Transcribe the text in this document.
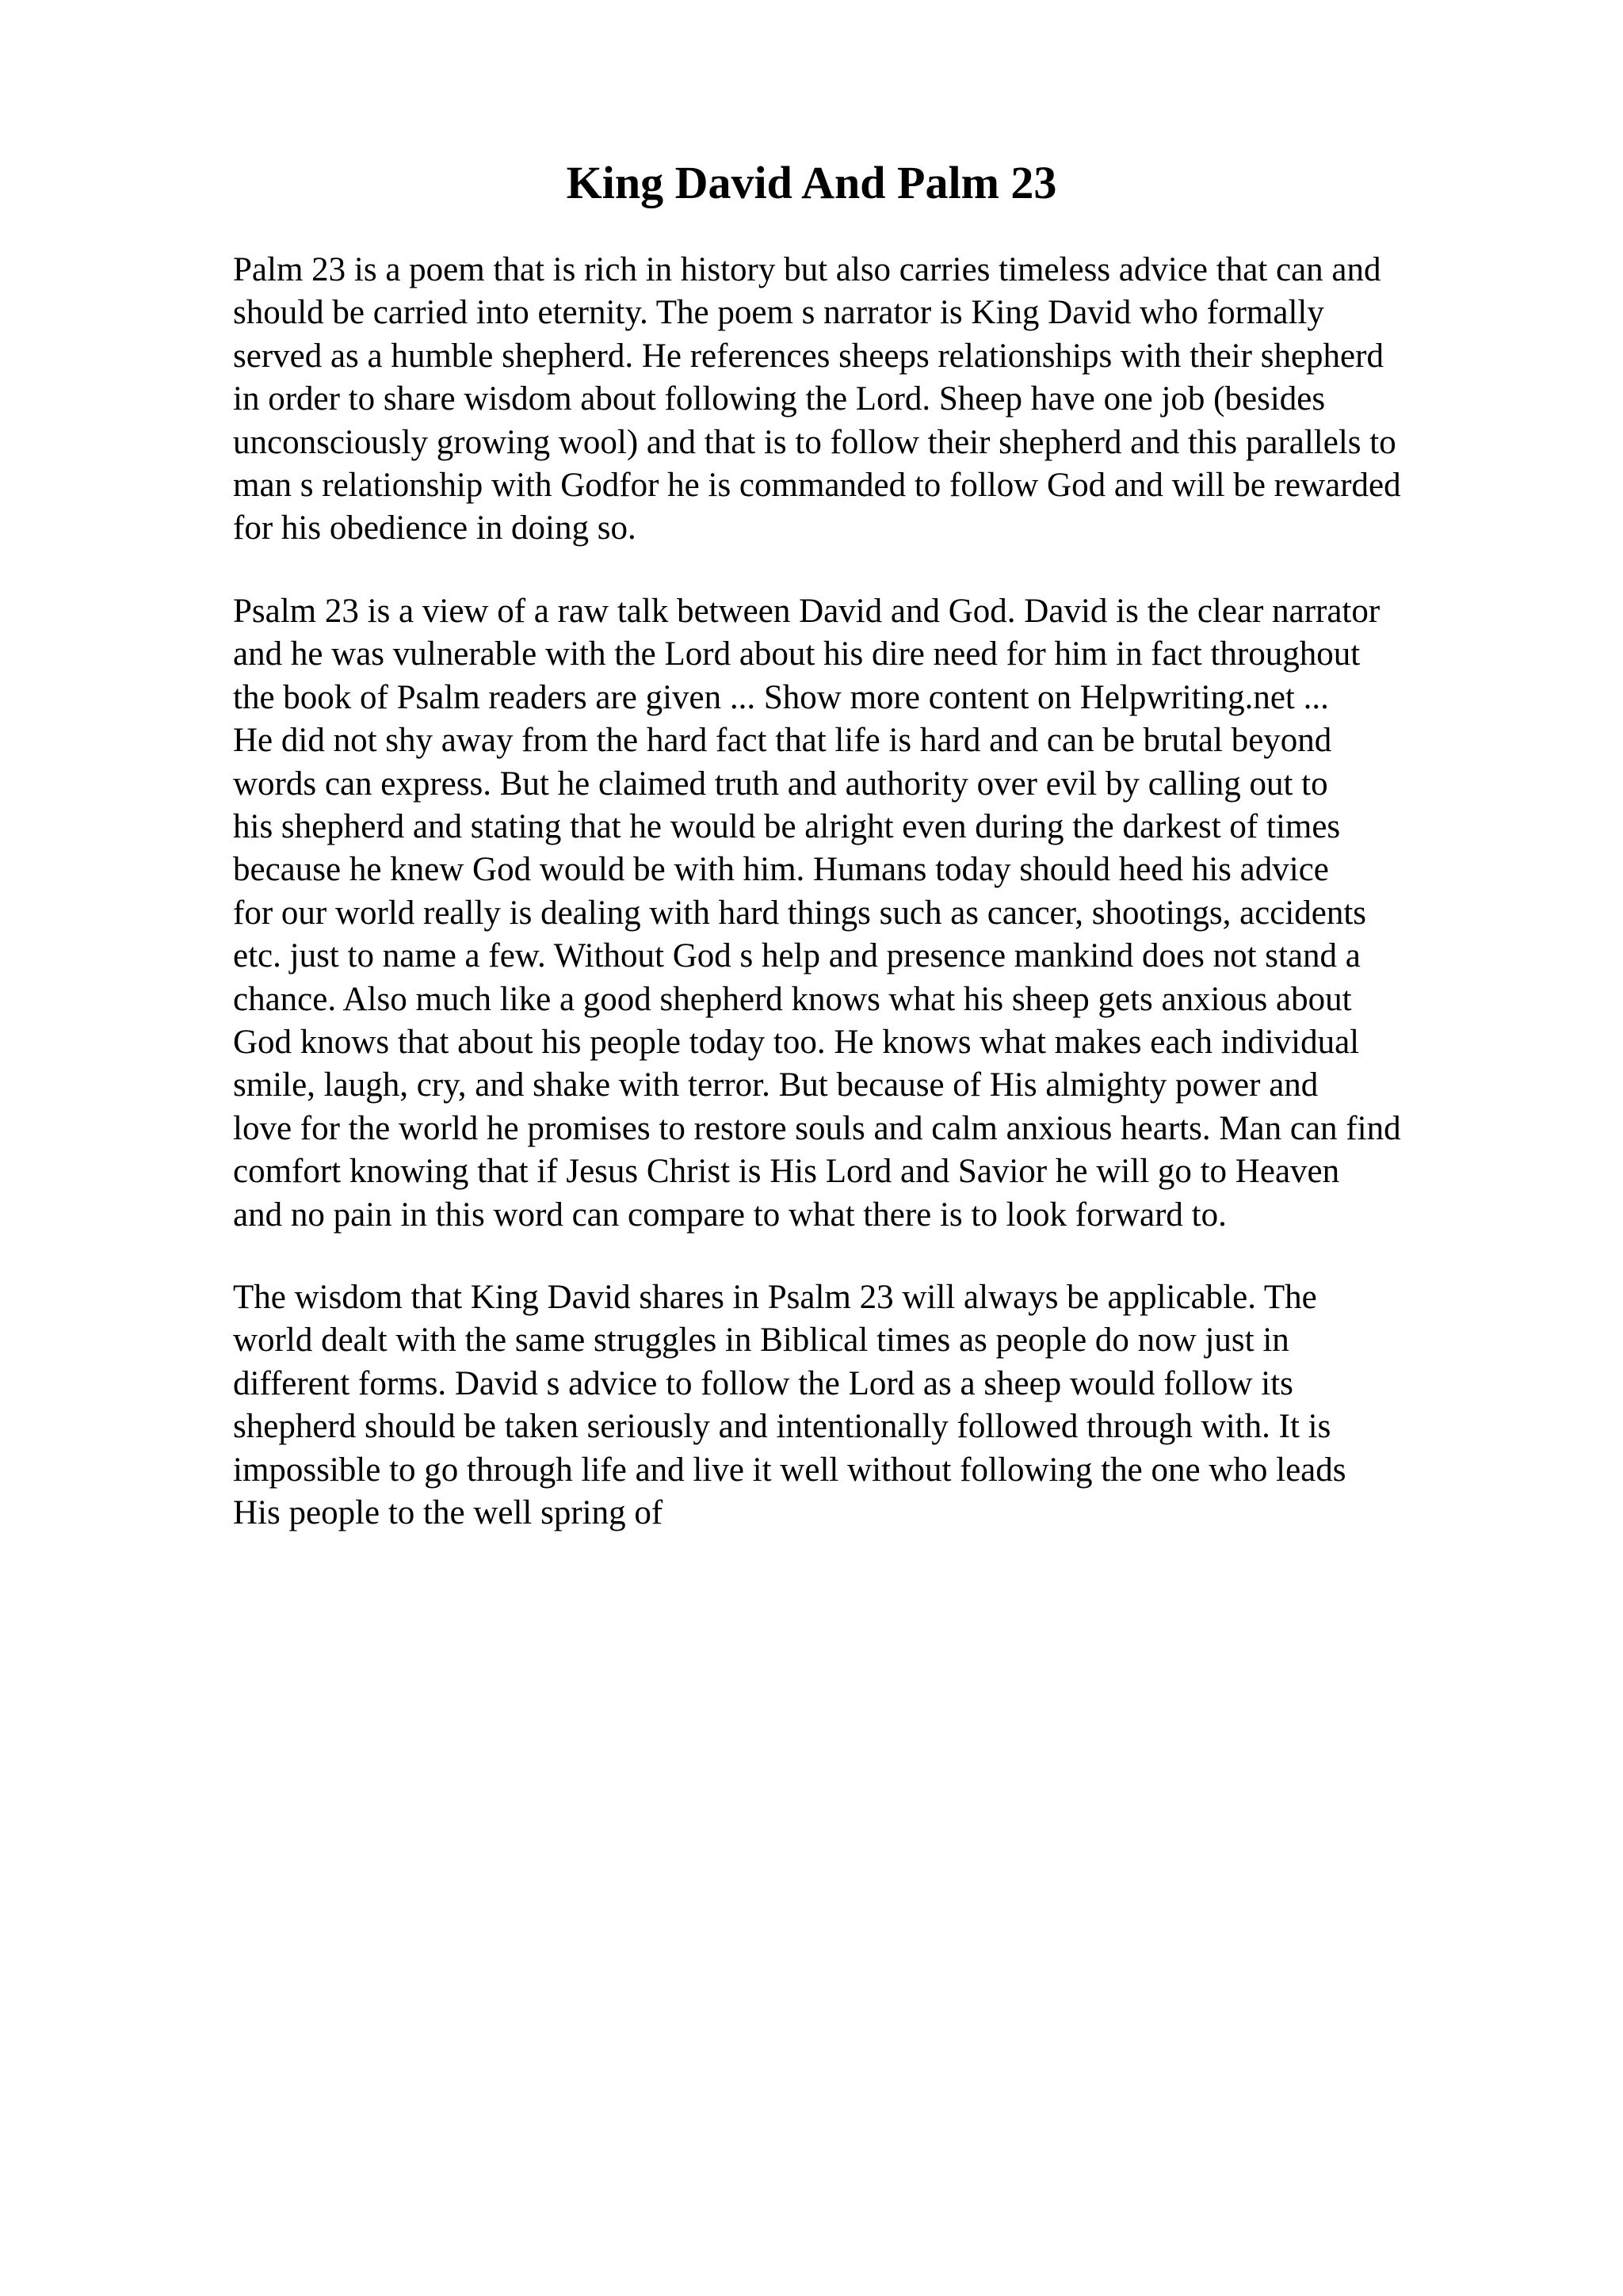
King David And Palm 23
Palm 23 is a poem that is rich in history but also carries timeless advice that can and
should be carried into eternity. The poem s narrator is King David who formally
served as a humble shepherd. He references sheeps relationships with their shepherd
in order to share wisdom about following the Lord. Sheep have one job (besides
unconsciously growing wool) and that is to follow their shepherd and this parallels to
man s relationship with Godfor he is commanded to follow God and will be rewarded
for his obedience in doing so.
Psalm 23 is a view of a raw talk between David and God. David is the clear narrator
and he was vulnerable with the Lord about his dire need for him in fact throughout
the book of Psalm readers are given ... Show more content on Helpwriting.net ...
He did not shy away from the hard fact that life is hard and can be brutal beyond
words can express. But he claimed truth and authority over evil by calling out to
his shepherd and stating that he would be alright even during the darkest of times
because he knew God would be with him. Humans today should heed his advice
for our world really is dealing with hard things such as cancer, shootings, accidents
etc. just to name a few. Without God s help and presence mankind does not stand a
chance. Also much like a good shepherd knows what his sheep gets anxious about
God knows that about his people today too. He knows what makes each individual
smile, laugh, cry, and shake with terror. But because of His almighty power and
love for the world he promises to restore souls and calm anxious hearts. Man can find
comfort knowing that if Jesus Christ is His Lord and Savior he will go to Heaven
and no pain in this word can compare to what there is to look forward to.
The wisdom that King David shares in Psalm 23 will always be applicable. The
world dealt with the same struggles in Biblical times as people do now just in
different forms. David s advice to follow the Lord as a sheep would follow its
shepherd should be taken seriously and intentionally followed through with. It is
impossible to go through life and live it well without following the one who leads
His people to the well spring of
